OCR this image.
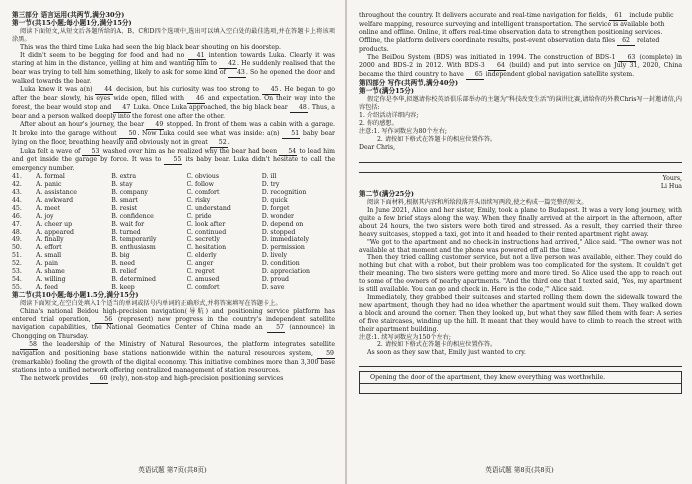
第三部分 语言运用(共两节,满分30分)
第一节(共15小题;每小题1分,满分15分)

阅读下面短文,从短文后各题所给的A、B、C和D四个选项中,选出可以填入空白处的最佳选项,并在答题卡上将该项涂黑。

This was the third time Luka had seen the big black bear shouting on his doorstep.

It didn't seem to be begging for food and had no 41 intention towards Luka. Clearly it was staring at him in the distance, yelling at him and wanting him to 42. He suddenly realised that the bear was trying to tell him something, likely to ask for some kind of 43. So he opened the door and walked towards the bear.

Luka knew it was a(n) 44 decision, but his curiosity was too strong to 45. He began to go after the bear slowly, his eyes wide open, filled with 46 and expectation. On their way into the forest, the bear would stop and 47 Luka. Once Luka approached, the big black bear 48. Thus, a bear and a person walked deeply into the forest one after the other.

After about an hour's journey, the bear 49 stopped. In front of them was a cabin with a garage. It broke into the garage without 50. Now Luka could see what was inside: a(n) 51 baby bear lying on the floor, breathing heavily and obviously not in great 52.

Luka felt a wave of 53 washed over him as he realized why the bear had been 54 to lead him and get inside the garage by force. It was to 55 its baby bear. Luka didn't hesitate to call the emergency number.

41.	A. formal	B. extra	C. obvious	D. ill
42.	A. panic	B. stay	C. follow	D. try
43.	A. assistance	B. company	C. comfort	D. recognition
44.	A. awkward	B. smart	C. risky	D. quick
45.	A. meet	B. resist	C. understand	D. forget
46.	A. joy	B. confidence	C. pride	D. wonder
47.	A. cheer up	B. wait for	C. look after	D. depend on
48.	A. appeared	B. turned	C. continued	D. stopped
49.	A. finally	B. temporarily	C. secretly	D. immediately
50.	A. effort	B. enthusiasm	C. hesitation	D. permission
51.	A. small	B. big	C. elderly	D. lively
52.	A. pain	B. need	C. anger	D. condition
53.	A. shame	B. relief	C. regret	D. appreciation
54.	A. willing	B. determined	C. amused	D. proud
55.	A. feed	B. keep	C. comfort	D. save
第二节(共10小题;每小题1.5分,满分15分)

阅读下面短文,在空白处填入1个适当的单词或括号内单词的正确形式,并将答案填写在答题卡上。

China's national Beidou high-precision navigation(导航) and positioning service platform has entered trial operation, 56 (represent) new progress in the country's independent satellite navigation capabilities, the National Geomatics Center of China made an 57 (announce) in Chongqing on Thursday.

58 the leadership of the Ministry of Natural Resources, the platform integrates satellite navigation and positioning base stations nationwide within the natural resources system, 59 (remarkable) fooling the growth of the digital economy. This initiative combines more than 3,300 base stations into a unified network offering centralized management of station resources.

The network provides 60 (rely), non-stop and high-precision positioning services

英语试题 第7页(共8页)

throughout the country. It delivers accurate and real-time navigation for fields, 61 include public welfare mapping, resource surveying and intelligent transportation. The service is available both online and offline. Online, it offers real-time observation data to strengthen positioning services. Offline, the platform delivers coordinate results, post-event observation data files 62 related products.

The BeiDou System (BDS) was initiated in 1994. The construction of BDS-1 63 (complete) in 2000 and BDS-2 in 2012. With BDS-3 64 (build) and put into service on July 31, 2020, China became the third country to have 65 independent global navigation satellite system.

第四部分 写作(共两节,满分40分)
第一节(满分15分)

假定你是李华,拟邀请你校英语俱乐部举办的主题为"科技改变生活"的演讲比赛,请给你的外教Chris写一封邀请信,内容包括:

1. 介绍活动详细内容;
2. 你的感想。
注意:1. 写作词数应为80个左右;
2. 请按如下格式在答题卡的相应位置作答。
Dear Chris,

Yours,

Li Hua

第二节(满分25分)

阅读下面材料,根据其内容和所给段落开头语续写两段,使之构成一篇完整的短文。

In June 2021, Alice and her sister, Emily, took a plane to Budapest. It was a very long journey, with quite a few brief stays along the way. When they finally arrived at the airport in the afternoon, after about 24 hours, the two sisters were both tired and stressed. As a result, they carried their three heavy suitcases, stopped a taxi, got into it and headed to their rented apartment right away.

"We got to the apartment and no check-in instructions had arrived," Alice said. "The owner was not available at that moment and the phone was powered off all the time."

Then they tried calling customer service, but not a live person was available, either. They could do nothing but chat with a robot, but their problem was too complicated for the system. It couldn't get their meaning. The two sisters were getting more and more tired. So Alice used the app to reach out to some of the owners of nearby apartments. "And the third one that I texted said, 'Yes, my apartment is still available. You can go and check in. Here is the code,'" Alice said.

Immediately, they grabbed their suitcases and started rolling them down the sidewalk toward the new apartment, though they had no idea whether the apartment would suit them. They walked down a block and around the corner. Then they looked up, but what they saw filled them with fear: A series of five staircases, winding up the hill. It meant that they would have to climb to reach the street with their apartment building.

注意:1. 续写词数应为150个左右;
2. 请按如下格式在答题卡的相应位置作答。

As soon as they saw that, Emily just wanted to cry.

Opening the door of the apartment, they knew everything was worthwhile.
英语试题 第8页(共8页)
